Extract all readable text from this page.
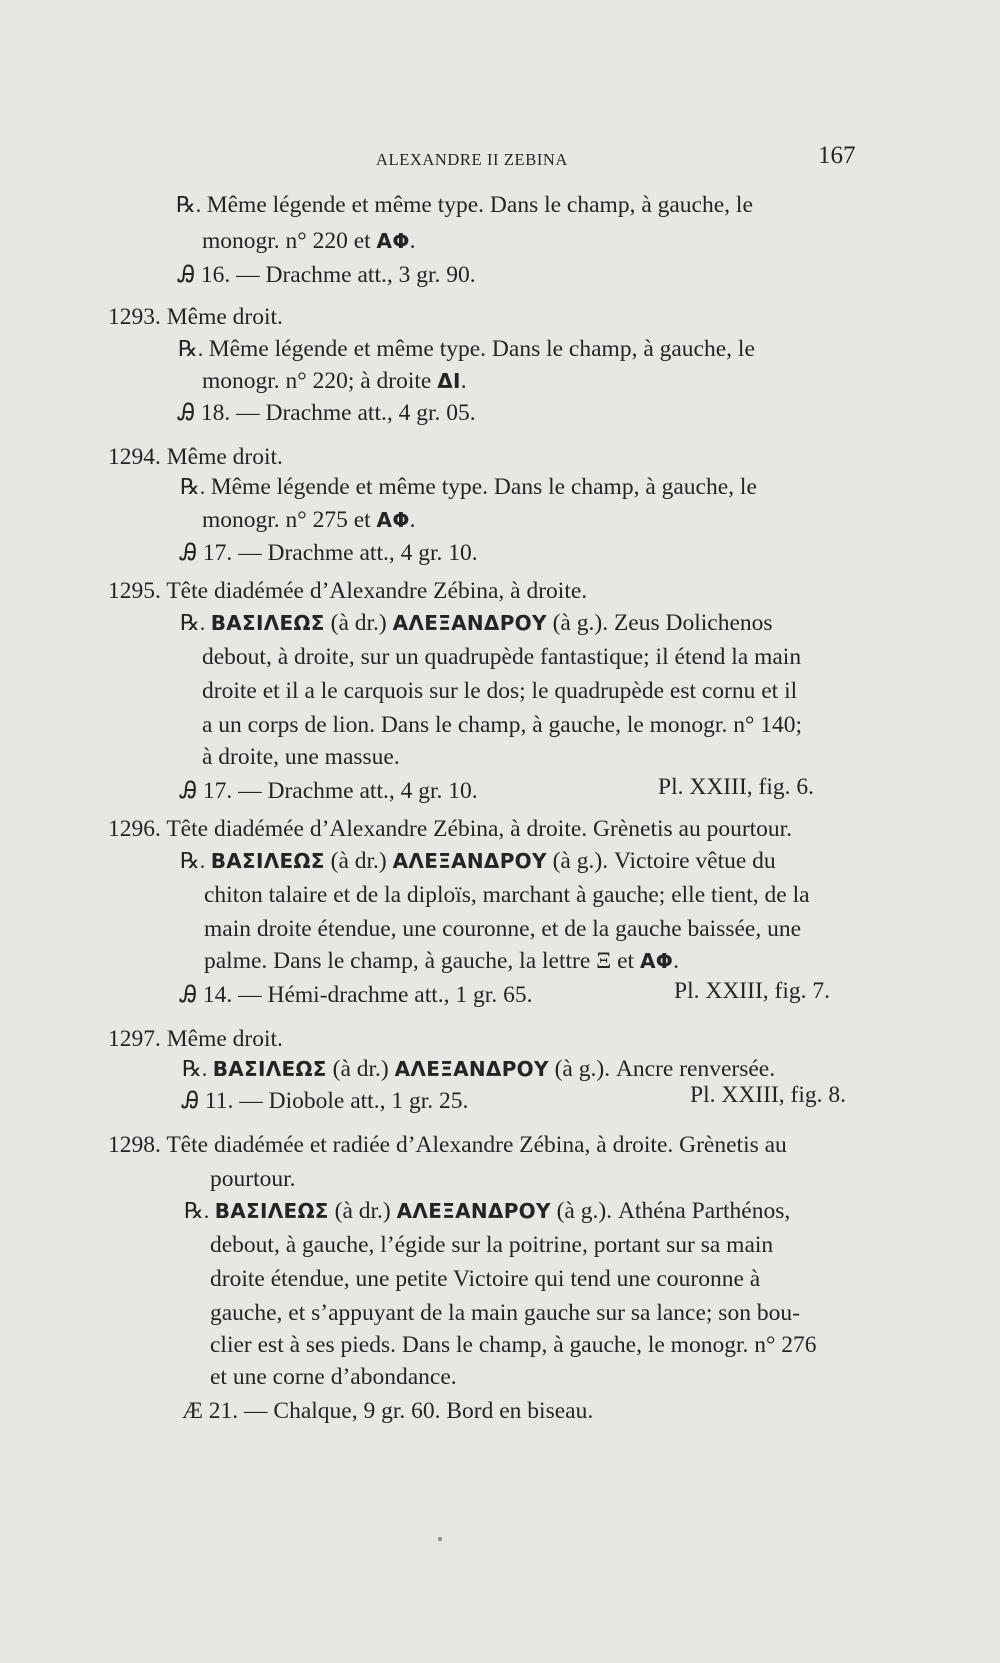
ALEXANDRE II ZEBINA	167
℞. Même légende et même type. Dans le champ, à gauche, le
monogr. n° 220 et ΑΦ.
Ꭿ 16. — Drachme att., 3 gr. 90.
1293. Même droit.
℞. Même légende et même type. Dans le champ, à gauche, le
monogr. n° 220; à droite ΔΙ.
Ꭿ 18. — Drachme att., 4 gr. 05.
1294. Même droit.
℞. Même légende et même type. Dans le champ, à gauche, le
monogr. n° 275 et ΑΦ.
Ꭿ 17. — Drachme att., 4 gr. 10.
1295. Tête diadémée d’Alexandre Zébina, à droite.
℞. ΒΑΣΙΛΕΩΣ (à dr.) ΑΛΕΞΑΝΔΡΟΥ (à g.). Zeus Dolichenos
debout, à droite, sur un quadrupède fantastique; il étend la main
droite et il a le carquois sur le dos; le quadrupède est cornu et il
a un corps de lion. Dans le champ, à gauche, le monogr. n° 140;
à droite, une massue.
Ꭿ 17. — Drachme att., 4 gr. 10.
1296. Tête diadémée d’Alexandre Zébina, à droite. Grènetis au pourtour.
℞. ΒΑΣΙΛΕΩΣ (à dr.) ΑΛΕΞΑΝΔΡΟΥ (à g.). Victoire vêtue du
chiton talaire et de la diploïs, marchant à gauche; elle tient, de la
main droite étendue, une couronne, et de la gauche baissée, une
palme. Dans le champ, à gauche, la lettre Ξ et ΑΦ.
Ꭿ 14. — Hémi-drachme att., 1 gr. 65.
1297. Même droit.
℞. ΒΑΣΙΛΕΩΣ (à dr.) ΑΛΕΞΑΝΔΡΟΥ (à g.). Ancre renversée.
Ꭿ 11. — Diobole att., 1 gr. 25.
1298. Tête diadémée et radiée d’Alexandre Zébina, à droite. Grènetis au
pourtour.
℞. ΒΑΣΙΛΕΩΣ (à dr.) ΑΛΕΞΑΝΔΡΟΥ (à g.). Athéna Parthénos,
debout, à gauche, l’égide sur la poitrine, portant sur sa main
droite étendue, une petite Victoire qui tend une couronne à
gauche, et s’appuyant de la main gauche sur sa lance; son bou-
clier est à ses pieds. Dans le champ, à gauche, le monogr. n° 276
et une corne d’abondance.
Æ 21. — Chalque, 9 gr. 60. Bord en biseau.
Pl. XXIII, fig. 6.
Pl. XXIII, fig. 7.
Pl. XXIII, fig. 8.
